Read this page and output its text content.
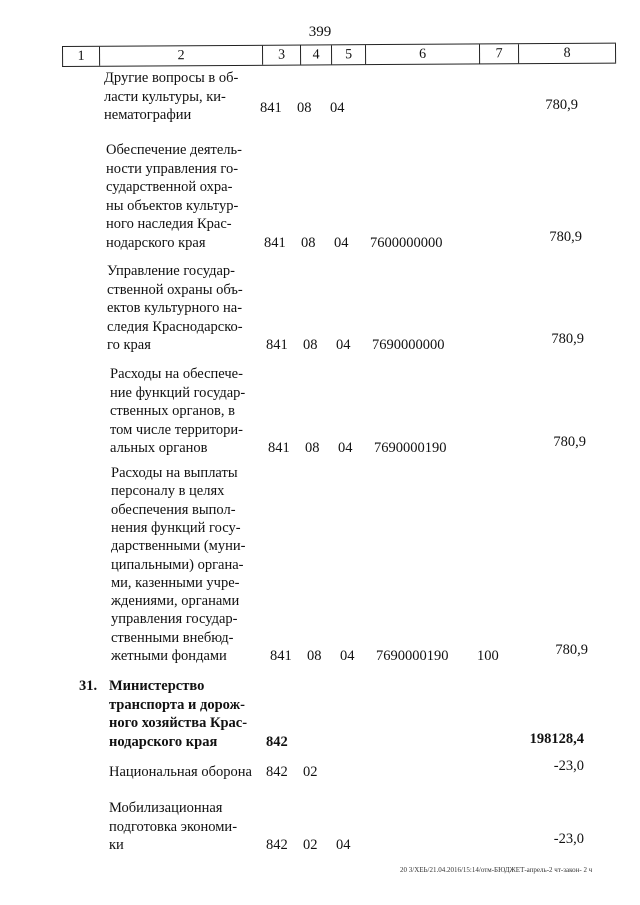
399
1	2	3	4	5	6	7	8
Другие вопросы в об-
ласти культуры, ки-
нематографии	841 08 04	780,9
Обеспечение деятель-
ности управления го-
сударственной охра-
ны объектов культур-
ного наследия Крас-
нодарского края	841 08 04 7600000000	780,9
Управление государ-
ственной охраны объ-
ектов культурного на-
следия Краснодарско-
го края	841 08 04 7690000000	780,9
Расходы на обеспече-
ние функций государ-
ственных органов, в
том числе территори-
альных органов	841 08 04 7690000190	780,9
Расходы на выплаты
персоналу в целях
обеспечения выпол-
нения функций госу-
дарственными (муни-
ципальными) органа-
ми, казенными учре-
ждениями, органами
управления государ-
ственными внебюд-
жетными фондами	841 08 04 7690000190 100	780,9
31. Министерство
транспорта и дорож-
ного хозяйства Крас-
нодарского края	842	198128,4
Национальная оборона 842 02	-23,0
Мобилизационная
подготовка экономи-
ки	842 02 04	-23,0
20 3/ХЕЬ/21.04.2016/15:14/отм-БЮДЖЕТ-апрель-2 чт-закон- 2 ч
